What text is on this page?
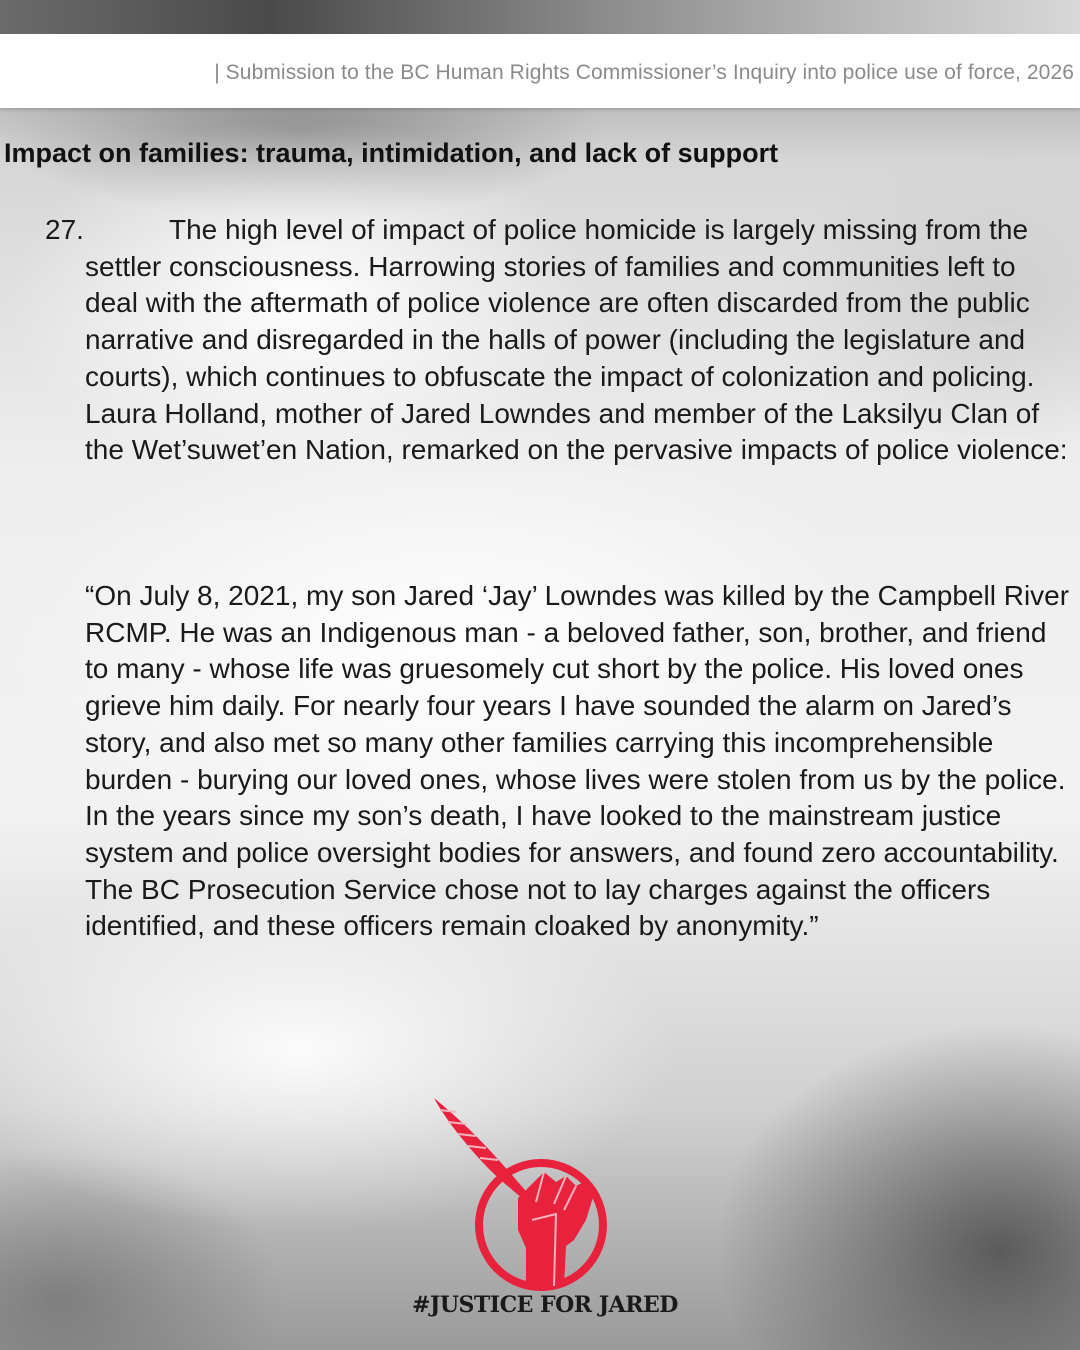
| Submission to the BC Human Rights Commissioner’s Inquiry into police use of force, 2026
Impact on families: trauma, intimidation, and lack of support
27.	The high level of impact of police homicide is largely missing from the settler consciousness. Harrowing stories of families and communities left to deal with the aftermath of police violence are often discarded from the public narrative and disregarded in the halls of power (including the legislature and courts), which continues to obfuscate the impact of colonization and policing. Laura Holland, mother of Jared Lowndes and member of the Laksilyu Clan of the Wet’suwet’en Nation, remarked on the pervasive impacts of police violence:

“On July 8, 2021, my son Jared ‘Jay’ Lowndes was killed by the Campbell River RCMP. He was an Indigenous man - a beloved father, son, brother, and friend to many - whose life was gruesomely cut short by the police. His loved ones grieve him daily. For nearly four years I have sounded the alarm on Jared’s story, and also met so many other families carrying this incomprehensible burden - burying our loved ones, whose lives were stolen from us by the police. In the years since my son’s death, I have looked to the mainstream justice system and police oversight bodies for answers, and found zero accountability. The BC Prosecution Service chose not to lay charges against the officers identified, and these officers remain cloaked by anonymity.”

#JUSTICE FOR JARED
